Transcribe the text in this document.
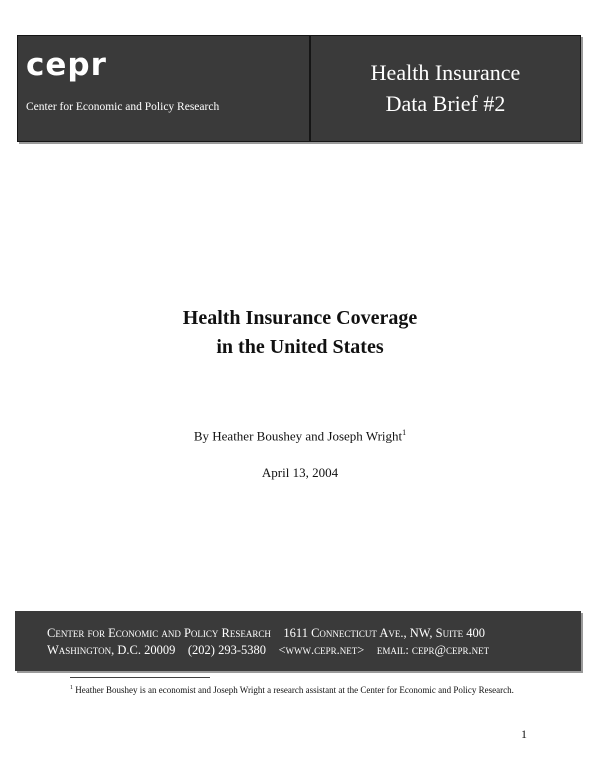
cepr
Center for Economic and Policy Research
Health Insurance
Data Brief #2
Health Insurance Coverage
in the United States
By Heather Boushey and Joseph Wright$^1$
April 13, 2004
Center for Economic and Policy Research 1611 Connecticut Ave., NW, Suite 400
Washington, D.C. 20009 (202) 293-5380 <www.cepr.net> email: cepr@cepr.net
$^1$ Heather Boushey is an economist and Joseph Wright a research assistant at the Center for Economic and Policy Research.
1
